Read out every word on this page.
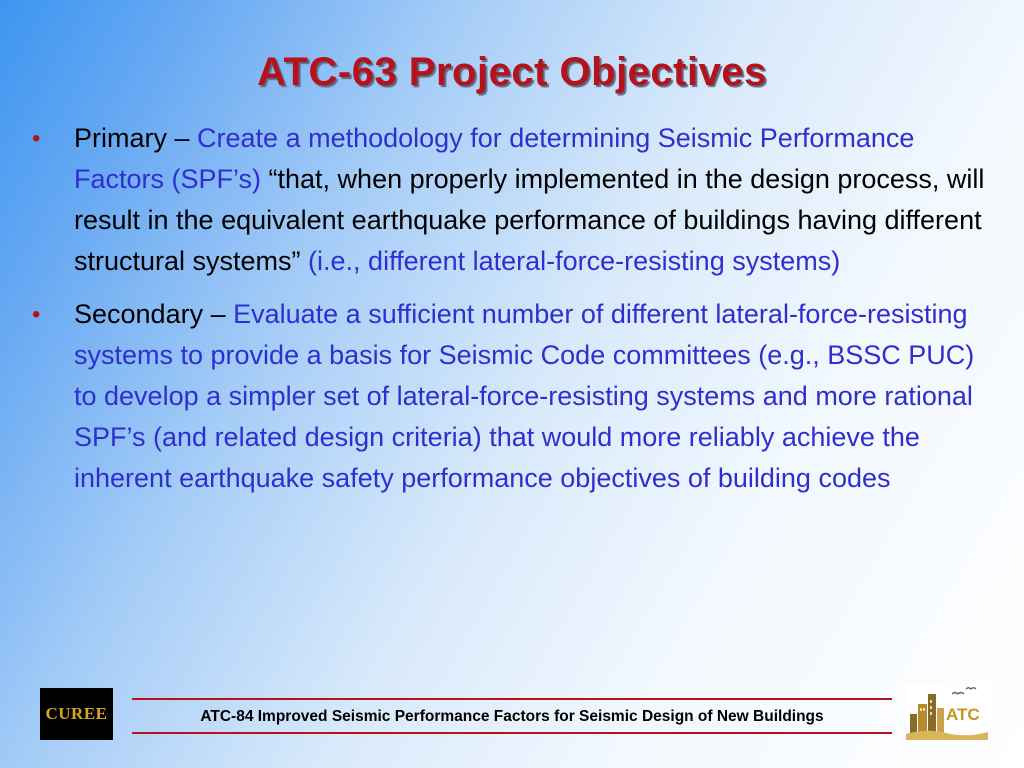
ATC-63 Project Objectives
• Primary – Create a methodology for determining Seismic Performance Factors (SPF’s) “that, when properly implemented in the design process, will result in the equivalent earthquake performance of buildings having different structural systems” (i.e., different lateral-force-resisting systems)
• Secondary – Evaluate a sufficient number of different lateral-force-resisting systems to provide a basis for Seismic Code committees (e.g., BSSC PUC) to develop a simpler set of lateral-force-resisting systems and more rational SPF’s (and related design criteria) that would more reliably achieve the inherent earthquake safety performance objectives of building codes
ATC-84 Improved Seismic Performance Factors for Seismic Design of New Buildings
CUREE	ATC
